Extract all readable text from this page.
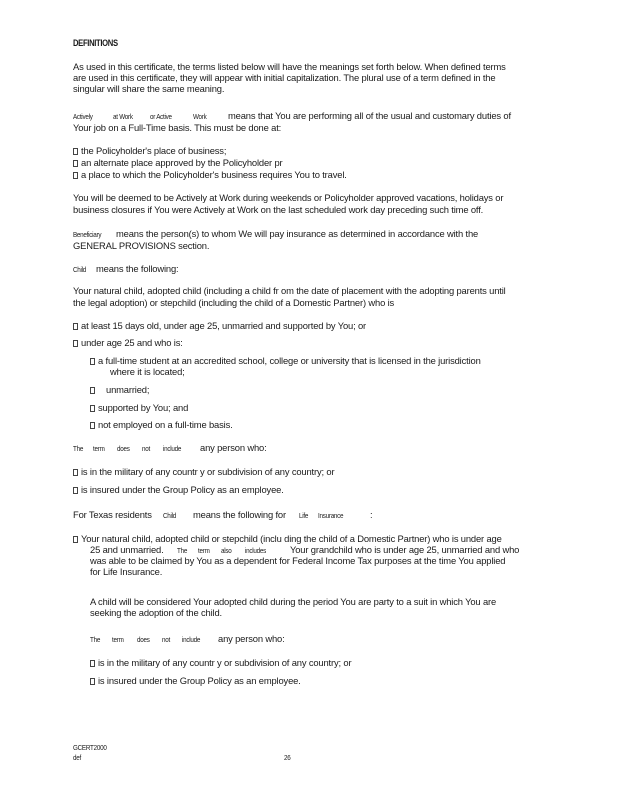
DEFINITIONS
As used in this certificate, the terms listed below will have the meanings set forth below. When defined terms
are used in this certificate, they will appear with initial capitalization. The plural use of a term defined in the
singular will share the same meaning.
Actively	at Work or Active	Work means that You are performing all of the usual and customary duties of
Your job on a Full-Time basis. This must be done at:
the Policyholder's place of business;
an alternate place approved by the Policyholder pr
a place to which the Policyholder's business requires You to travel.
You will be deemed to be Actively at Work during weekends or Policyholder approved vacations, holidays or
business closures if You were Actively at Work on the last scheduled work day preceding such time off.
Beneficiary means the person(s) to whom We will pay insurance as determined in accordance with the
GENERAL PROVISIONS section.
Child means the following:
Your natural child, adopted child (including a child fr om the date of placement with the adopting parents until
the legal adoption) or stepchild (including the child of a Domestic Partner) who is
at least 15 days old, under age 25, unmarried and supported by You; or
under age 25 and who is:
a full-time student at an accredited school, college or university that is licensed in the jurisdiction
where it is located;
unmarried;
supported by You; and
not employed on a full-time basis.
The term does not include any person who:
is in the military of any countr y or subdivision of any country; or
is insured under the Group Policy as an employee.
For Texas residents Child means the following for Life Insurance	:
Your natural child, adopted child or stepchild (inclu ding the child of a Domestic Partner) who is under age
25 and unmarried. The term also includes	Your grandchild who is under age 25, unmarried and who
was able to be claimed by You as a dependent for Federal Income Tax purposes at the time You applied
for Life Insurance.
A child will be considered Your adopted child during the period You are party to a suit in which You are
seeking the adoption of the child.
The term does not include any person who:
is in the military of any countr y or subdivision of any country; or
is insured under the Group Policy as an employee.
GCERT2000
def	26
